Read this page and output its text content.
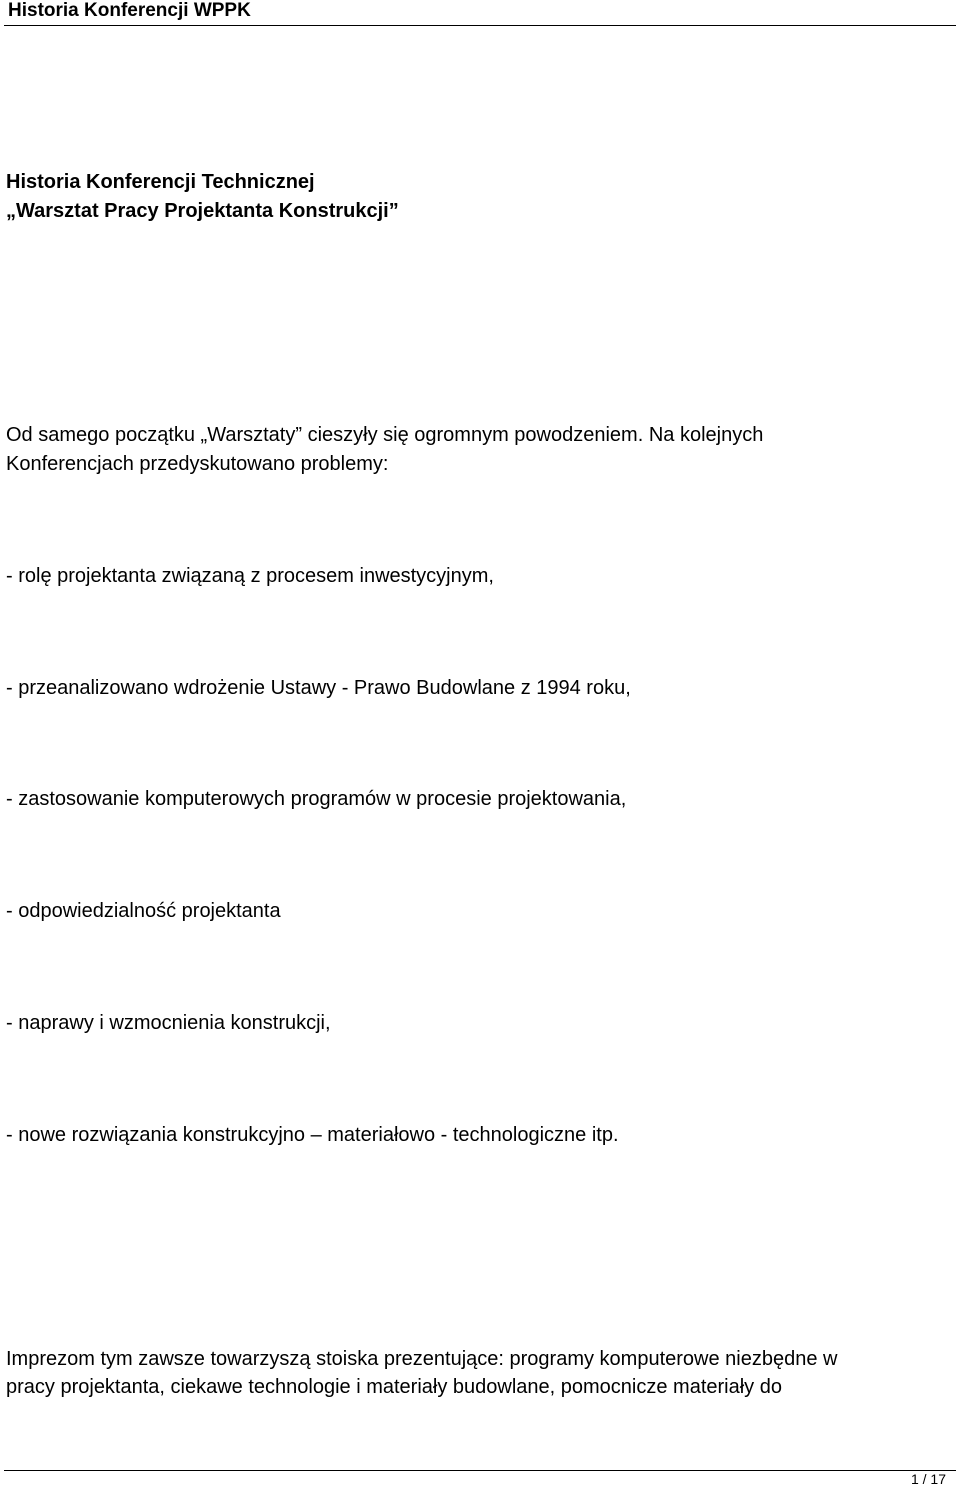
Historia Konferencji WPPK
Historia Konferencji Technicznej
„Warsztat Pracy Projektanta Konstrukcji”
Od samego początku „Warsztaty” cieszyły się ogromnym powodzeniem. Na kolejnych
Konferencjach przedyskutowano problemy:
- rolę projektanta związaną z procesem inwestycyjnym,
- przeanalizowano wdrożenie Ustawy - Prawo Budowlane z 1994 roku,
- zastosowanie komputerowych programów w procesie projektowania,
- odpowiedzialność projektanta
- naprawy i wzmocnienia konstrukcji,
- nowe rozwiązania konstrukcyjno – materiałowo - technologiczne itp.
Imprezom tym zawsze towarzyszą stoiska prezentujące: programy komputerowe niezbędne w
pracy projektanta, ciekawe technologie i materiały budowlane, pomocnicze materiały do
1 / 17
